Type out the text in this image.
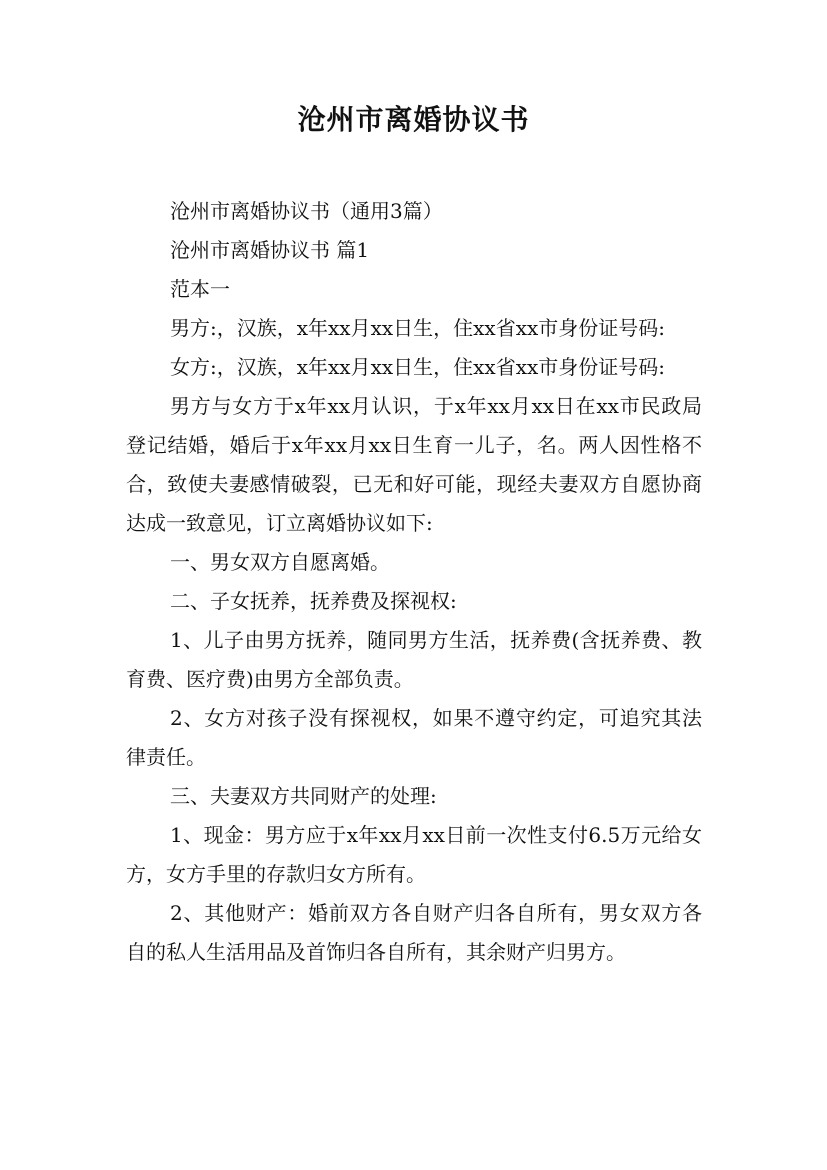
沧州市离婚协议书

沧州市离婚协议书（通用3篇）

沧州市离婚协议书 篇1

范本一

男方:，汉族，x年xx月xx日生，住xx省xx市身份证号码:

女方:，汉族，x年xx月xx日生，住xx省xx市身份证号码:

男方与女方于x年xx月认识，于x年xx月xx日在xx市民政局登记结婚，婚后于x年xx月xx日生育一儿子，名。两人因性格不合，致使夫妻感情破裂，已无和好可能，现经夫妻双方自愿协商达成一致意见，订立离婚协议如下:

一、男女双方自愿离婚。

二、子女抚养，抚养费及探视权:

1、儿子由男方抚养，随同男方生活，抚养费(含抚养费、教育费、医疗费)由男方全部负责。

2、女方对孩子没有探视权，如果不遵守约定，可追究其法律责任。

三、夫妻双方共同财产的处理:

1、现金：男方应于x年xx月xx日前一次性支付6.5万元给女方，女方手里的存款归女方所有。

2、其他财产：婚前双方各自财产归各自所有，男女双方各自的私人生活用品及首饰归各自所有，其余财产归男方。
